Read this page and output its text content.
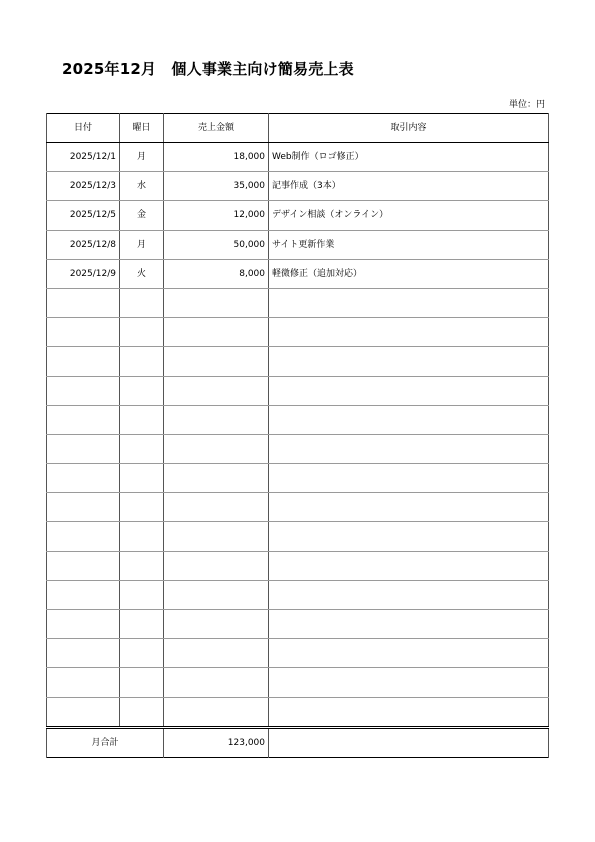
2025年12月　個人事業主向け簡易売上表
単位：円
日付	曜日	売上金額	取引内容
2025/12/1	月	18,000	Web制作（ロゴ修正）
2025/12/3	水	35,000	記事作成（3本）
2025/12/5	金	12,000	デザイン相談（オンライン）
2025/12/8	月	50,000	サイト更新作業
2025/12/9	火	8,000	軽微修正（追加対応）

月合計		123,000	
